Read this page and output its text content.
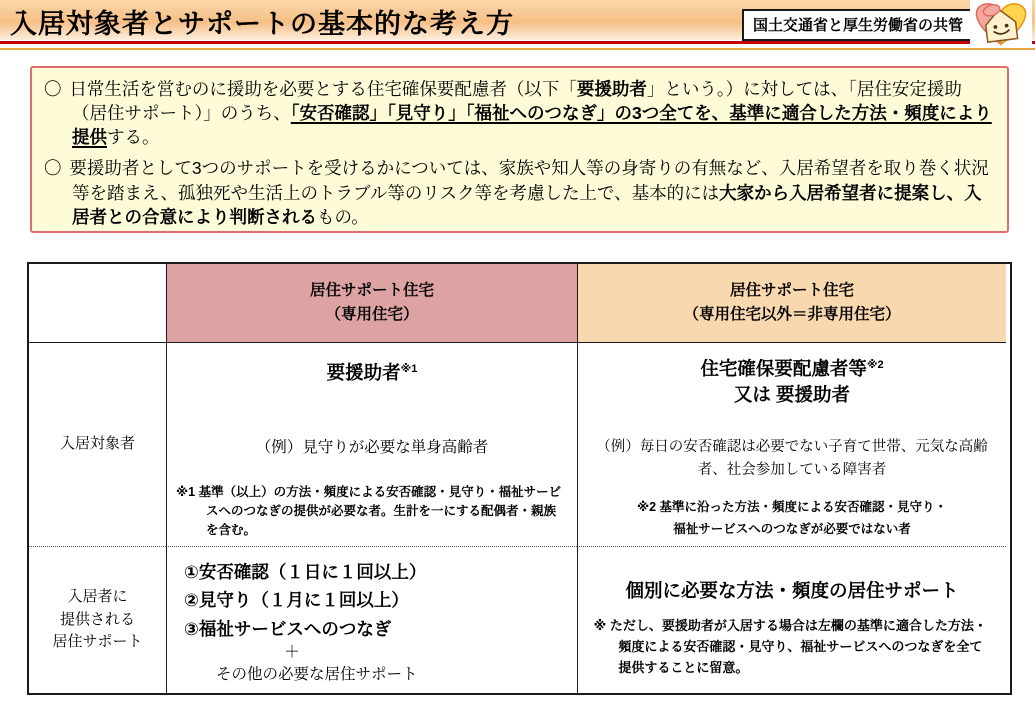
入居対象者とサポートの基本的な考え方	国土交通省と厚生労働省の共管
〇 日常生活を営むのに援助を必要とする住宅確保要配慮者（以下「要援助者」という。）に対しては、「居住安定援助（居住サポート）」のうち、「安否確認」「見守り」「福祉へのつなぎ」の3つ全てを、基準に適合した方法・頻度により提供する。
〇 要援助者として3つのサポートを受けるかについては、家族や知人等の身寄りの有無など、入居希望者を取り巻く状況等を踏まえ、孤独死や生活上のトラブル等のリスク等を考慮した上で、基本的には大家から入居希望者に提案し、入居者との合意により判断されるもの。
居住サポート住宅
（専用住宅）
居住サポート住宅
（専用住宅以外＝非専用住宅）
入居対象者
要援助者$^{※1}$
（例）見守りが必要な単身高齢者
※1 基準（以上）の方法・頻度による安否確認・見守り・福祉サービスへのつなぎの提供が必要な者。生計を一にする配偶者・親族を含む。
住宅確保要配慮者等$^{※2}$
又は 要援助者
（例）毎日の安否確認は必要でない子育て世帯、元気な高齢者、社会参加している障害者
※2 基準に沿った方法・頻度による安否確認・見守り・
福祉サービスへのつなぎが必要ではない者
入居者に
提供される
居住サポート
①安否確認（１日に１回以上）
②見守り（１月に１回以上）
③福祉サービスへのつなぎ
＋
その他の必要な居住サポート
個別に必要な方法・頻度の居住サポート
※ ただし、要援助者が入居する場合は左欄の基準に適合した方法・頻度による安否確認・見守り、福祉サービスへのつなぎを全て提供することに留意。
